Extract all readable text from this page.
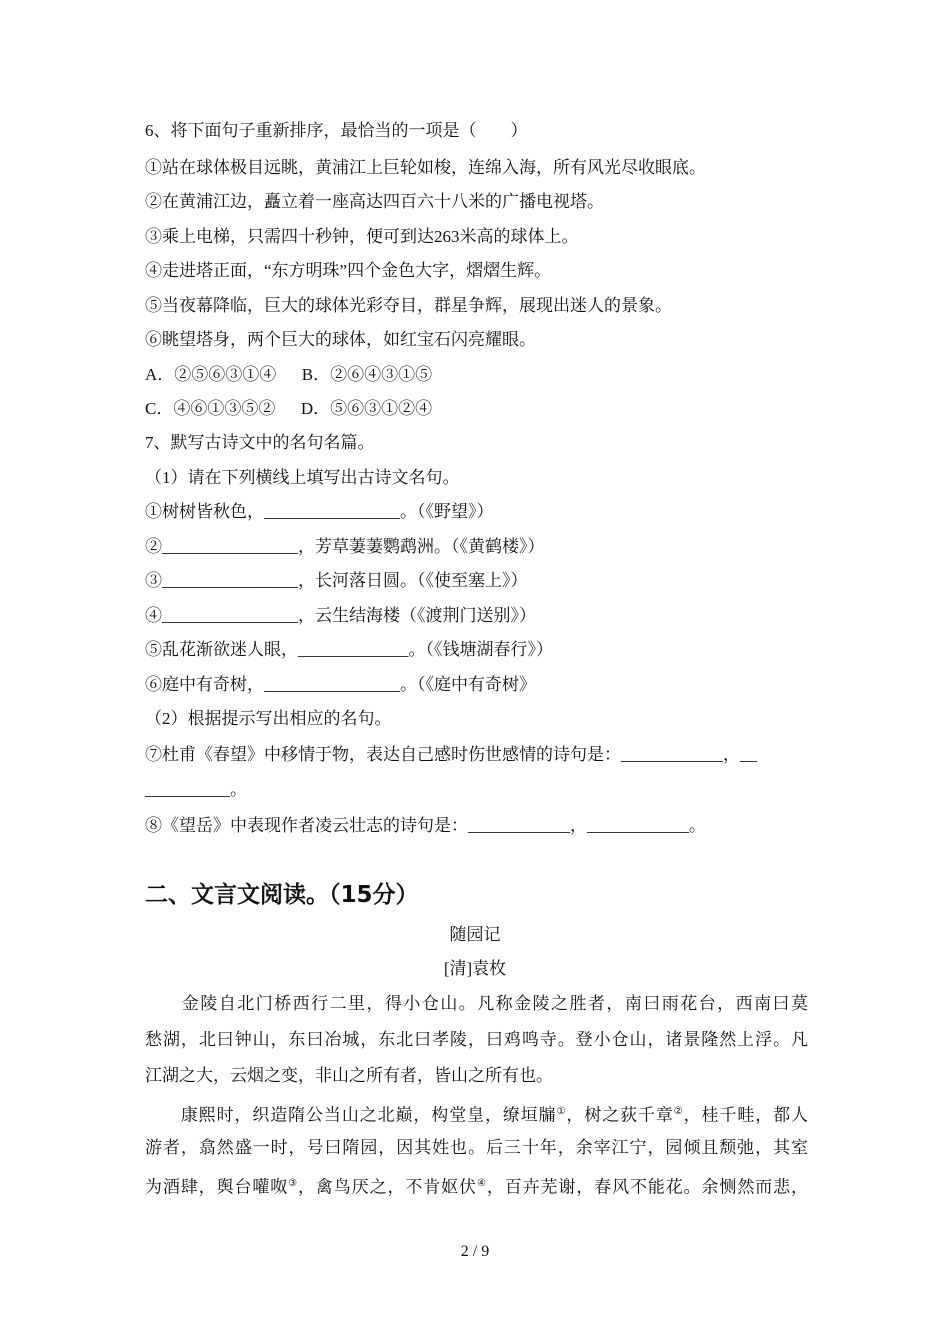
6、将下面句子重新排序，最恰当的一项是（　　）
①站在球体极目远眺，黄浦江上巨轮如梭，连绵入海，所有风光尽收眼底。
②在黄浦江边，矗立着一座高达四百六十八米的广播电视塔。
③乘上电梯，只需四十秒钟，便可到达263米高的球体上。
④走进塔正面，“东方明珠”四个金色大字，熠熠生辉。
⑤当夜幕降临，巨大的球体光彩夺目，群星争辉，展现出迷人的景象。
⑥眺望塔身，两个巨大的球体，如红宝石闪亮耀眼。
A．②⑤⑥③①④      B．②⑥④③①⑤
C．④⑥①③⑤②      D．⑤⑥③①②④
7、默写古诗文中的名句名篇。
（1）请在下列横线上填写出古诗文名句。
①树树皆秋色，________________。（《野望》）
②________________，芳草萋萋鹦鹉洲。（《黄鹤楼》）
③________________，长河落日圆。（《使至塞上》）
④________________，云生结海楼（《渡荆门送别》）
⑤乱花渐欲迷人眼，_____________。（《钱塘湖春行》）
⑥庭中有奇树，________________。（《庭中有奇树》
（2）根据提示写出相应的名句。
⑦杜甫《春望》中移情于物，表达自己感时伤世感情的诗句是：____________，__
__________。
⑧《望岳》中表现作者凌云壮志的诗句是：____________，____________。
二、文言文阅读。（15分）
随园记
[清]袁枚
　　金陵自北门桥西行二里，得小仓山。凡称金陵之胜者，南曰雨花台，西南曰莫
愁湖，北曰钟山，东曰冶城，东北曰孝陵，曰鸡鸣寺。登小仓山，诸景隆然上浮。凡
江湖之大，云烟之变，非山之所有者，皆山之所有也。
　　康熙时，织造隋公当山之北巅，构堂皇，缭垣牖①，树之荻千章②，桂千畦，都人
游者，翕然盛一时，号曰隋园，因其姓也。后三十年，余宰江宁，园倾且颓弛，其室
为酒肆，舆台嚾呶③，禽鸟厌之，不肯妪伏④，百卉芜谢，春风不能花。余恻然而悲，
2 / 9
